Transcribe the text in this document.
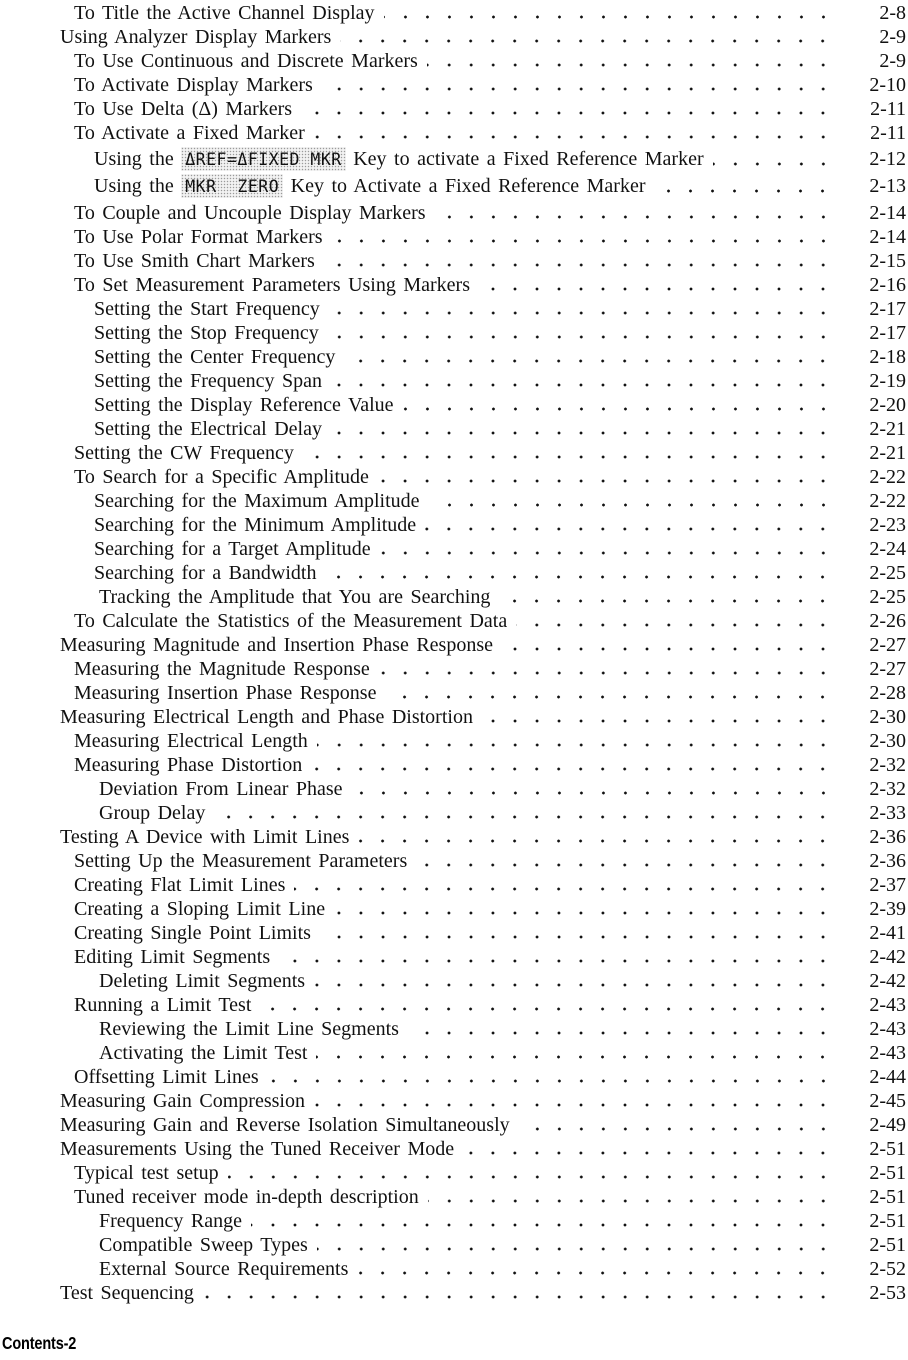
To Title the Active Channel Display	2-8
Using Analyzer Display Markers	2-9
To Use Continuous and Discrete Markers	2-9
To Activate Display Markers	2-10
To Use Delta (Δ) Markers	2-11
To Activate a Fixed Marker	2-11
Using the ΔREF=ΔFIXED MKR Key to activate a Fixed Reference Marker	2-12
Using the MKR  ZERO Key to Activate a Fixed Reference Marker	2-13
To Couple and Uncouple Display Markers	2-14
To Use Polar Format Markers	2-14
To Use Smith Chart Markers	2-15
To Set Measurement Parameters Using Markers	2-16
Setting the Start Frequency	2-17
Setting the Stop Frequency	2-17
Setting the Center Frequency	2-18
Setting the Frequency Span	2-19
Setting the Display Reference Value	2-20
Setting the Electrical Delay	2-21
Setting the CW Frequency	2-21
To Search for a Specific Amplitude	2-22
Searching for the Maximum Amplitude	2-22
Searching for the Minimum Amplitude	2-23
Searching for a Target Amplitude	2-24
Searching for a Bandwidth	2-25
Tracking the Amplitude that You are Searching	2-25
To Calculate the Statistics of the Measurement Data	2-26
Measuring Magnitude and Insertion Phase Response	2-27
Measuring the Magnitude Response	2-27
Measuring Insertion Phase Response	2-28
Measuring Electrical Length and Phase Distortion	2-30
Measuring Electrical Length	2-30
Measuring Phase Distortion	2-32
Deviation From Linear Phase	2-32
Group Delay	2-33
Testing A Device with Limit Lines	2-36
Setting Up the Measurement Parameters	2-36
Creating Flat Limit Lines	2-37
Creating a Sloping Limit Line	2-39
Creating Single Point Limits	2-41
Editing Limit Segments	2-42
Deleting Limit Segments	2-42
Running a Limit Test	2-43
Reviewing the Limit Line Segments	2-43
Activating the Limit Test	2-43
Offsetting Limit Lines	2-44
Measuring Gain Compression	2-45
Measuring Gain and Reverse Isolation Simultaneously	2-49
Measurements Using the Tuned Receiver Mode	2-51
Typical test setup	2-51
Tuned receiver mode in-depth description	2-51
Frequency Range	2-51
Compatible Sweep Types	2-51
External Source Requirements	2-52
Test Sequencing	2-53
Contents-2
